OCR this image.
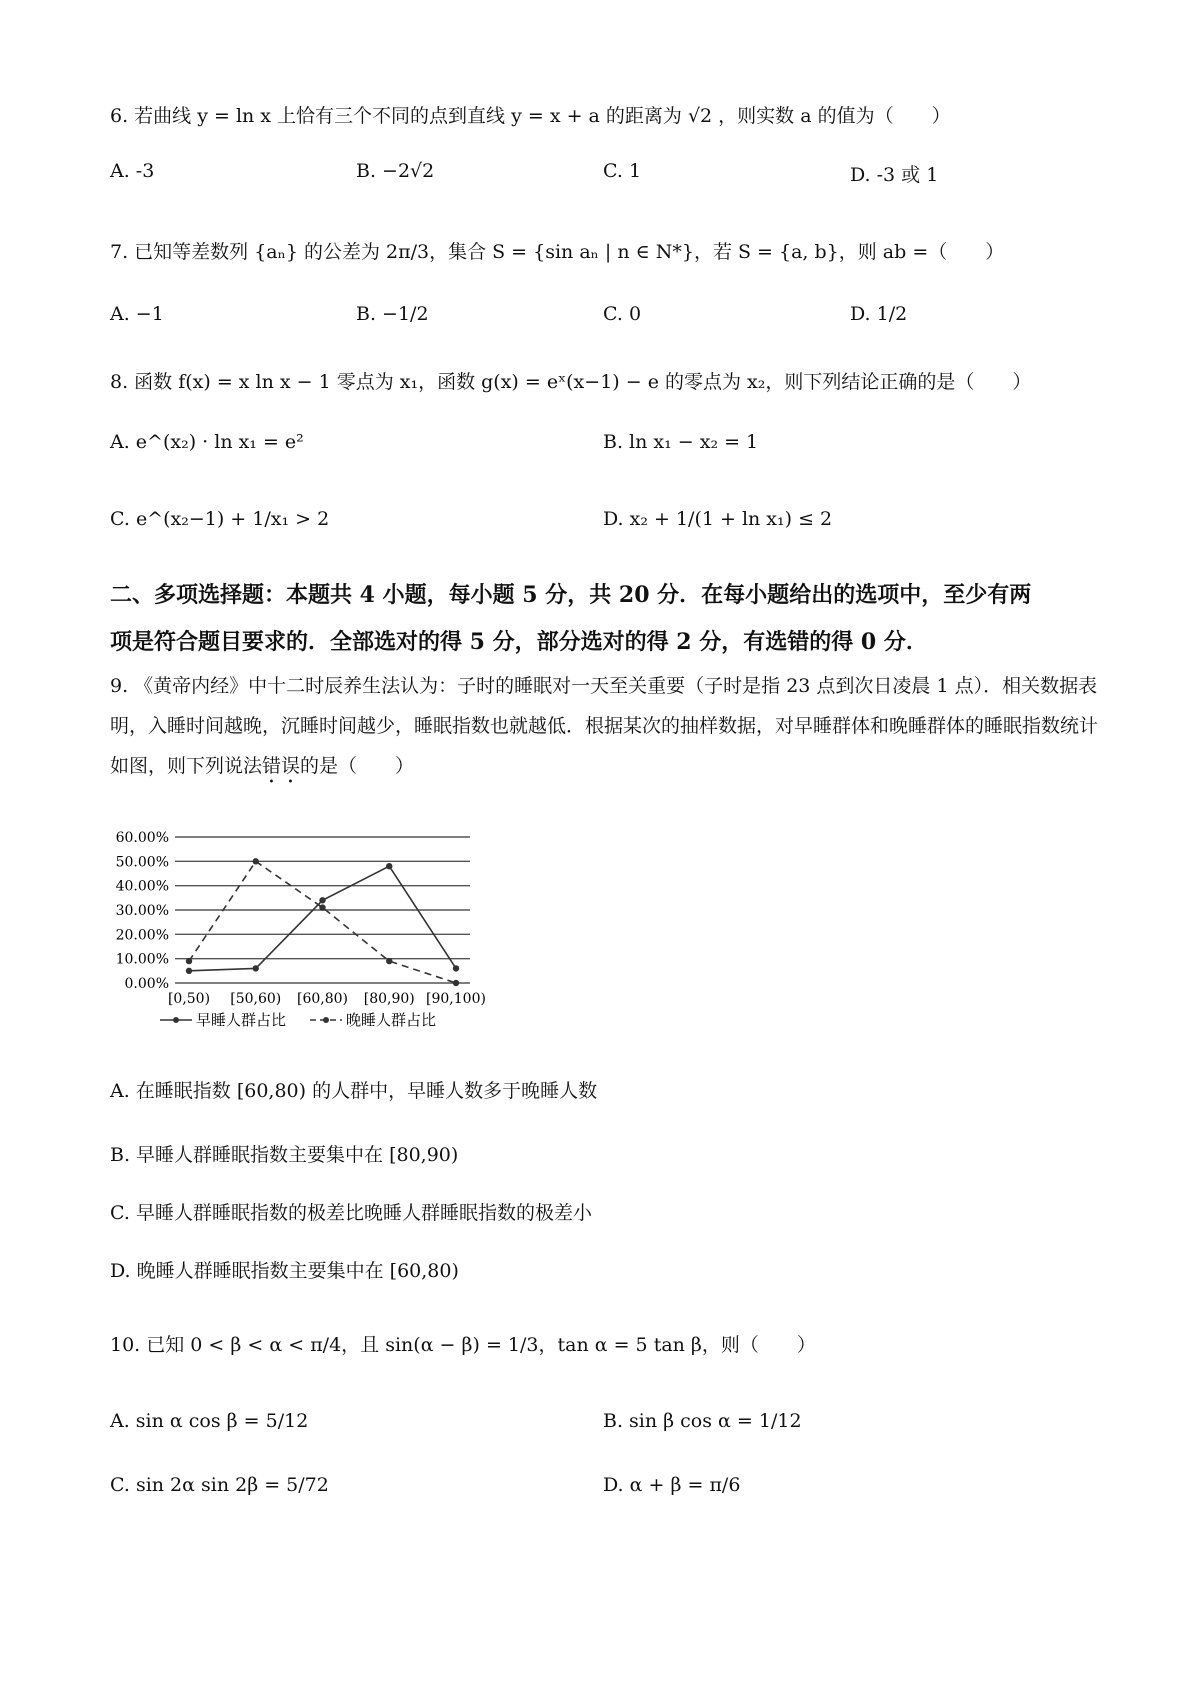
6. 若曲线 y = ln x 上恰有三个不同的点到直线 y = x + a 的距离为 √2 ，则实数 a 的值为（　　）
A. -3	B. −2√2	C. 1	D. -3 或 1
7. 已知等差数列 {aₙ} 的公差为 2π/3，集合 S = {sin aₙ | n ∈ N*}，若 S = {a, b}，则 ab =（　　）
A. −1	B. −1/2	C. 0	D. 1/2
8. 函数 f(x) = x ln x − 1 零点为 x₁，函数 g(x) = eˣ(x−1) − e 的零点为 x₂，则下列结论正确的是（　　）
A. e^(x₂) · ln x₁ = e²	B. ln x₁ − x₂ = 1
C. e^(x₂−1) + 1/x₁ > 2	D. x₂ + 1/(1 + ln x₁) ≤ 2
二、多项选择题：本题共 4 小题，每小题 5 分，共 20 分．在每小题给出的选项中，至少有两
项是符合题目要求的．全部选对的得 5 分，部分选对的得 2 分，有选错的得 0 分．
9. 《黄帝内经》中十二时辰养生法认为：子时的睡眠对一天至关重要（子时是指 23 点到次日凌晨 1 点）．相关数据表明，入睡时间越晚，沉睡时间越少，睡眠指数也就越低．根据某次的抽样数据，对早睡群体和晚睡群体的睡眠指数统计如图，则下列说法错误的是（　　）
60.00%
50.00%
40.00%
30.00%
20.00%
10.00%
0.00%
[0,50) [50,60) [60,80) [80,90) [90,100)
早睡人群占比	晚睡人群占比
A. 在睡眠指数 [60,80) 的人群中，早睡人数多于晚睡人数
B. 早睡人群睡眠指数主要集中在 [80,90)
C. 早睡人群睡眠指数的极差比晚睡人群睡眠指数的极差小
D. 晚睡人群睡眠指数主要集中在 [60,80)
10. 已知 0 < β < α < π/4，且 sin(α − β) = 1/3，tan α = 5 tan β，则（　　）
A. sin α cos β = 5/12	B. sin β cos α = 1/12
C. sin 2α sin 2β = 5/72	D. α + β = π/6
